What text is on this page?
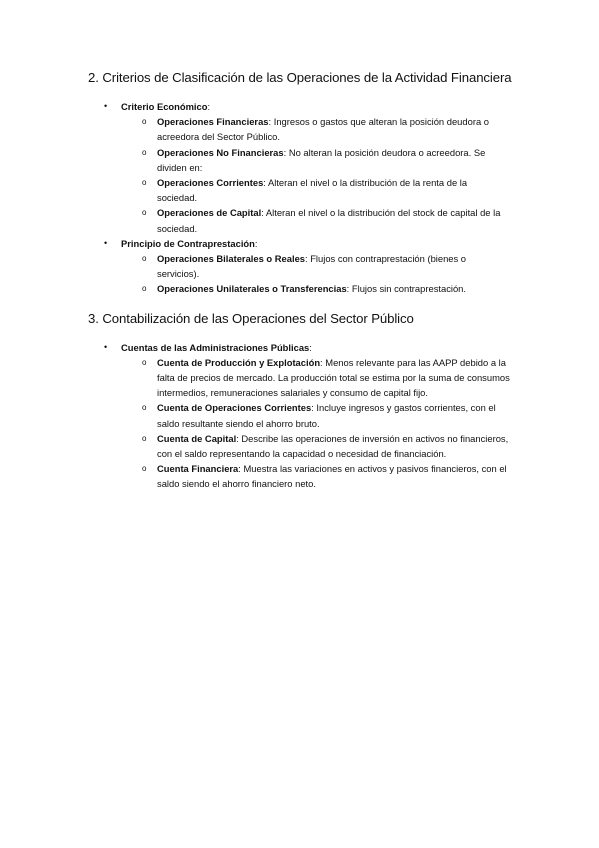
2. Criterios de Clasificación de las Operaciones de la Actividad Financiera
• Criterio Económico:
o Operaciones Financieras: Ingresos o gastos que alteran la posición deudora o acreedora del Sector Público.
o Operaciones No Financieras: No alteran la posición deudora o acreedora. Se dividen en:
o Operaciones Corrientes: Alteran el nivel o la distribución de la renta de la sociedad.
o Operaciones de Capital: Alteran el nivel o la distribución del stock de capital de la sociedad.
• Principio de Contraprestación:
o Operaciones Bilaterales o Reales: Flujos con contraprestación (bienes o servicios).
o Operaciones Unilaterales o Transferencias: Flujos sin contraprestación.
3. Contabilización de las Operaciones del Sector Público
• Cuentas de las Administraciones Públicas:
o Cuenta de Producción y Explotación: Menos relevante para las AAPP debido a la falta de precios de mercado. La producción total se estima por la suma de consumos intermedios, remuneraciones salariales y consumo de capital fijo.
o Cuenta de Operaciones Corrientes: Incluye ingresos y gastos corrientes, con el saldo resultante siendo el ahorro bruto.
o Cuenta de Capital: Describe las operaciones de inversión en activos no financieros, con el saldo representando la capacidad o necesidad de financiación.
o Cuenta Financiera: Muestra las variaciones en activos y pasivos financieros, con el saldo siendo el ahorro financiero neto.
